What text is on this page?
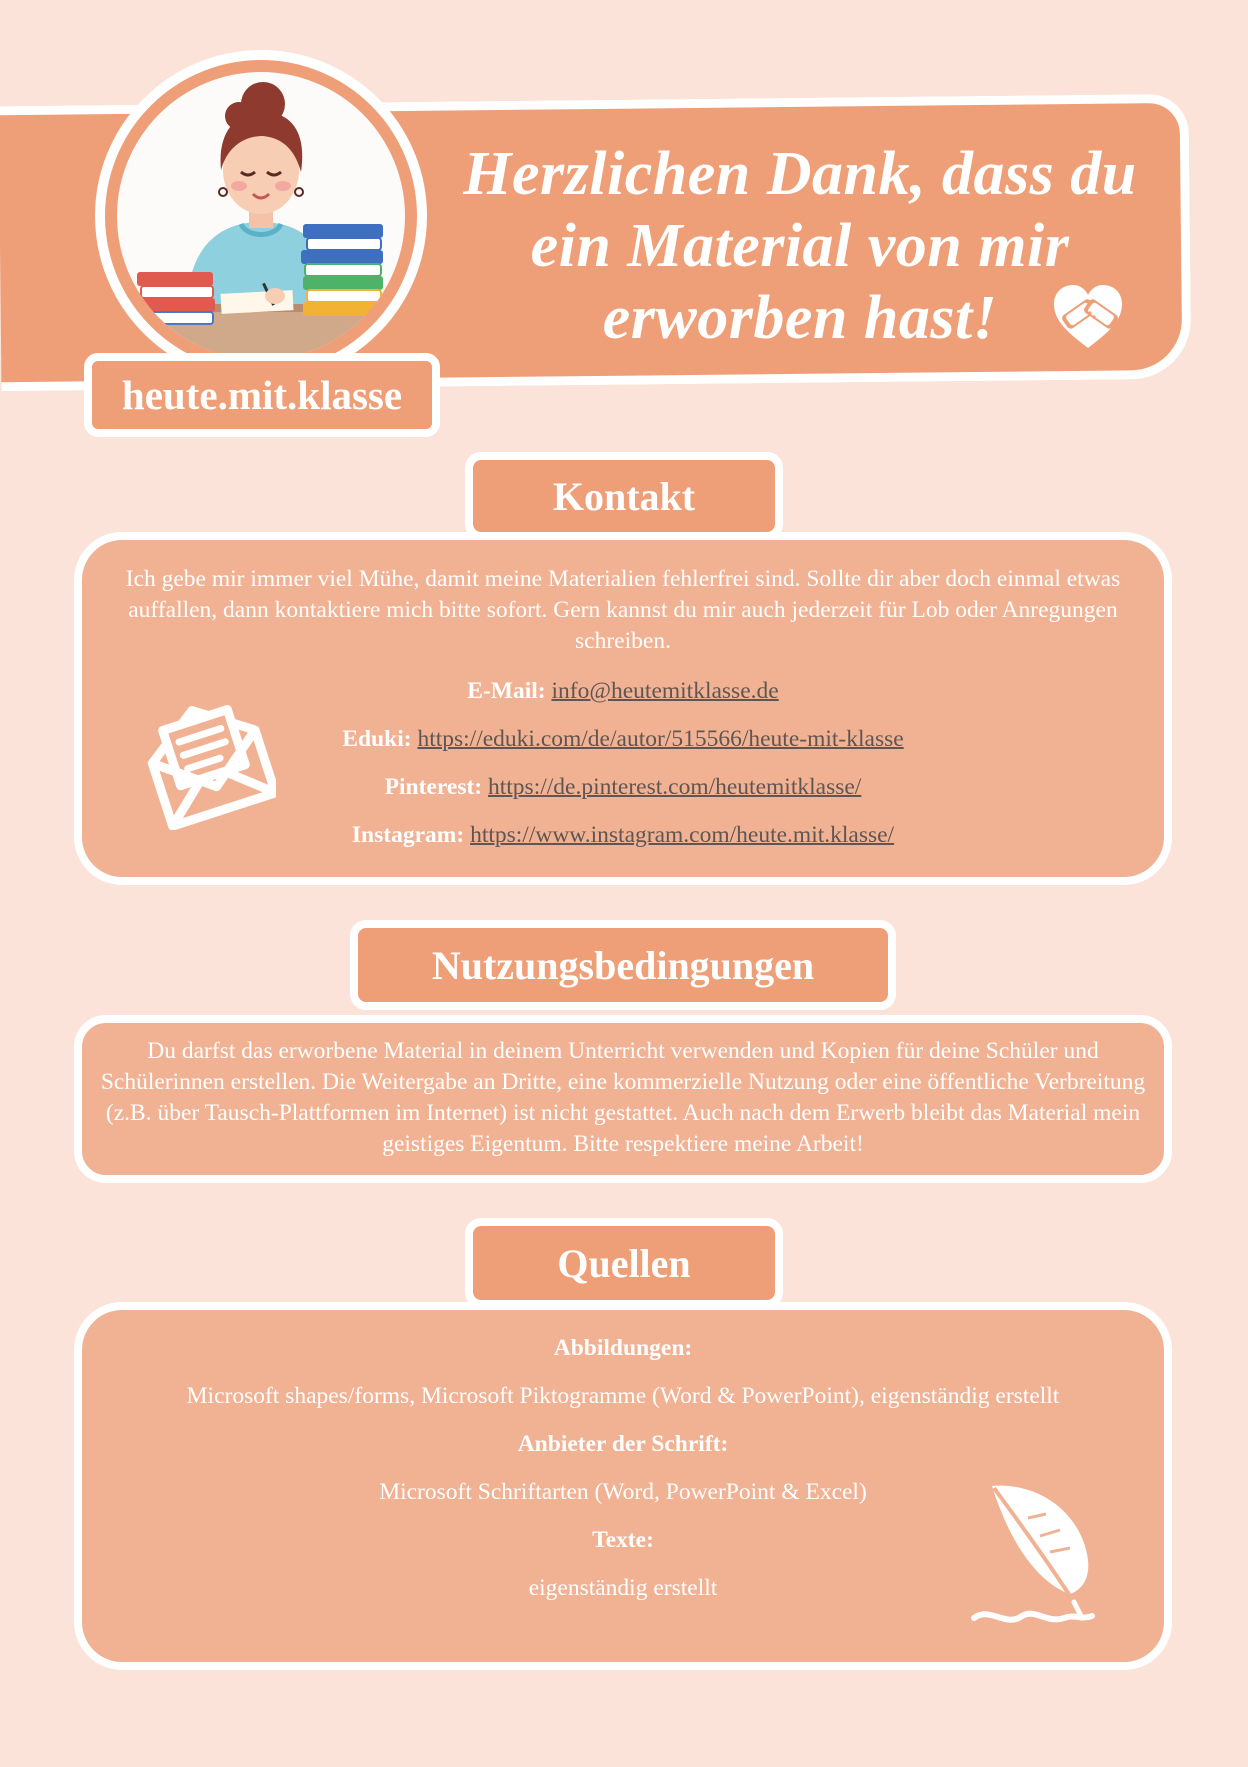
Herzlichen Dank, dass du ein Material von mir erworben hast!
heute.mit.klasse
Kontakt

Ich gebe mir immer viel Mühe, damit meine Materialien fehlerfrei sind. Sollte dir aber doch einmal etwas auffallen, dann kontaktiere mich bitte sofort. Gern kannst du mir auch jederzeit für Lob oder Anregungen schreiben.

E-Mail: info@heutemitklasse.de
Eduki: https://eduki.com/de/autor/515566/heute-mit-klasse
Pinterest: https://de.pinterest.com/heutemitklasse/
Instagram: https://www.instagram.com/heute.mit.klasse/
Nutzungsbedingungen

Du darfst das erworbene Material in deinem Unterricht verwenden und Kopien für deine Schüler und Schülerinnen erstellen. Die Weitergabe an Dritte, eine kommerzielle Nutzung oder eine öffentliche Verbreitung (z.B. über Tausch-Plattformen im Internet) ist nicht gestattet. Auch nach dem Erwerb bleibt das Material mein geistiges Eigentum. Bitte respektiere meine Arbeit!

Quellen
Abbildungen:
Microsoft shapes/forms, Microsoft Piktogramme (Word & PowerPoint), eigenständig erstellt
Anbieter der Schrift:
Microsoft Schriftarten (Word, PowerPoint & Excel)
Texte:
eigenständig erstellt
